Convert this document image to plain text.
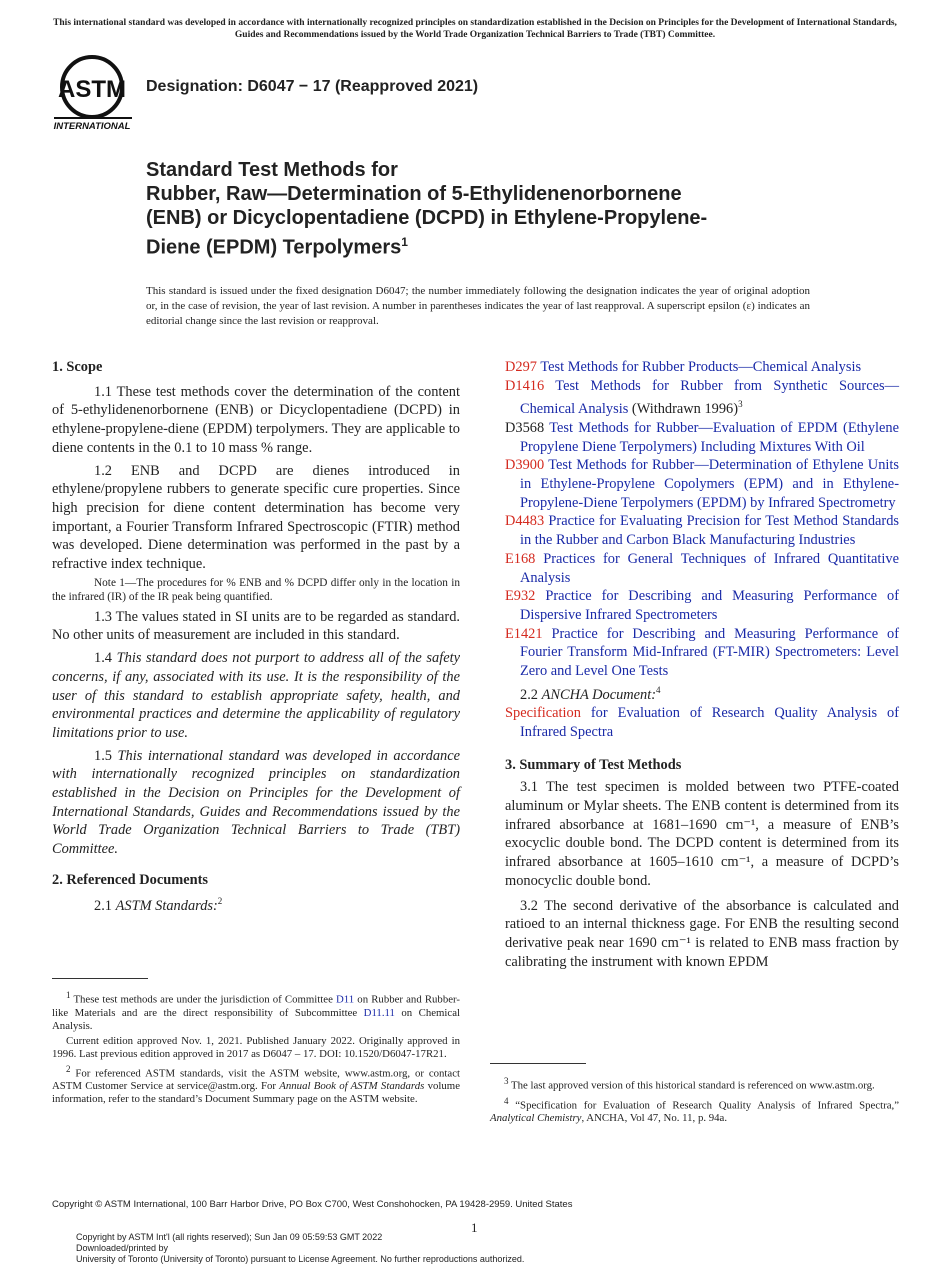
This international standard was developed in accordance with internationally recognized principles on standardization established in the Decision on Principles for the Development of International Standards, Guides and Recommendations issued by the World Trade Organization Technical Barriers to Trade (TBT) Committee.
ASTM
INTERNATIONAL
Designation: D6047 − 17 (Reapproved 2021)
Standard Test Methods for
Rubber, Raw—Determination of 5-Ethylidenenorbornene
(ENB) or Dicyclopentadiene (DCPD) in Ethylene-Propylene-
Diene (EPDM) Terpolymers$^1$
This standard is issued under the fixed designation D6047; the number immediately following the designation indicates the year of original adoption or, in the case of revision, the year of last revision. A number in parentheses indicates the year of last reapproval. A superscript epsilon (ε) indicates an editorial change since the last revision or reapproval.

1. Scope

1.1 These test methods cover the determination of the content of 5-ethylidenenorbornene (ENB) or Dicyclopentadiene (DCPD) in ethylene-propylene-diene (EPDM) terpolymers. They are applicable to diene contents in the 0.1 to 10 mass % range.

1.2 ENB and DCPD are dienes introduced in ethylene/propylene rubbers to generate specific cure properties. Since high precision for diene content determination has become very important, a Fourier Transform Infrared Spectroscopic (FTIR) method was developed. Diene determination was performed in the past by a refractive index technique.

Note 1—The procedures for % ENB and % DCPD differ only in the location in the infrared (IR) of the IR peak being quantified.

1.3 The values stated in SI units are to be regarded as standard. No other units of measurement are included in this standard.

1.4 This standard does not purport to address all of the safety concerns, if any, associated with its use. It is the responsibility of the user of this standard to establish appropriate safety, health, and environmental practices and determine the applicability of regulatory limitations prior to use.

1.5 This international standard was developed in accordance with internationally recognized principles on standardization established in the Decision on Principles for the Development of International Standards, Guides and Recommendations issued by the World Trade Organization Technical Barriers to Trade (TBT) Committee.

2. Referenced Documents

2.1 ASTM Standards:$^2$

$^1$ These test methods are under the jurisdiction of Committee D11 on Rubber and Rubber-like Materials and are the direct responsibility of Subcommittee D11.11 on Chemical Analysis.

Current edition approved Nov. 1, 2021. Published January 2022. Originally approved in 1996. Last previous edition approved in 2017 as D6047 – 17. DOI: 10.1520/D6047-17R21.

$^2$ For referenced ASTM standards, visit the ASTM website, www.astm.org, or contact ASTM Customer Service at service@astm.org. For Annual Book of ASTM Standards volume information, refer to the standard’s Document Summary page on the ASTM website.

D297 Test Methods for Rubber Products—Chemical Analysis

D1416 Test Methods for Rubber from Synthetic Sources—Chemical Analysis (Withdrawn 1996)$^3$

D3568 Test Methods for Rubber—Evaluation of EPDM (Ethylene Propylene Diene Terpolymers) Including Mixtures With Oil

D3900 Test Methods for Rubber—Determination of Ethylene Units in Ethylene-Propylene Copolymers (EPM) and in Ethylene-Propylene-Diene Terpolymers (EPDM) by Infrared Spectrometry

D4483 Practice for Evaluating Precision for Test Method Standards in the Rubber and Carbon Black Manufacturing Industries

E168 Practices for General Techniques of Infrared Quantitative Analysis

E932 Practice for Describing and Measuring Performance of Dispersive Infrared Spectrometers

E1421 Practice for Describing and Measuring Performance of Fourier Transform Mid-Infrared (FT-MIR) Spectrometers: Level Zero and Level One Tests

2.2 ANCHA Document:$^4$

Specification for Evaluation of Research Quality Analysis of Infrared Spectra

3. Summary of Test Methods

3.1 The test specimen is molded between two PTFE-coated aluminum or Mylar sheets. The ENB content is determined from its infrared absorbance at 1681–1690 cm⁻¹, a measure of ENB’s exocyclic double bond. The DCPD content is determined from its infrared absorbance at 1605–1610 cm⁻¹, a measure of DCPD’s monocyclic double bond.

3.2 The second derivative of the absorbance is calculated and ratioed to an internal thickness gage. For ENB the resulting second derivative peak near 1690 cm⁻¹ is related to ENB mass fraction by calibrating the instrument with known EPDM

$^3$ The last approved version of this historical standard is referenced on www.astm.org.

$^4$ “Specification for Evaluation of Research Quality Analysis of Infrared Spectra,” Analytical Chemistry, ANCHA, Vol 47, No. 11, p. 94a.

Copyright © ASTM International, 100 Barr Harbor Drive, PO Box C700, West Conshohocken, PA 19428-2959. United States
1
Copyright by ASTM Int'l (all rights reserved); Sun Jan 09 05:59:53 GMT 2022
Downloaded/printed by
University of Toronto (University of Toronto) pursuant to License Agreement. No further reproductions authorized.
